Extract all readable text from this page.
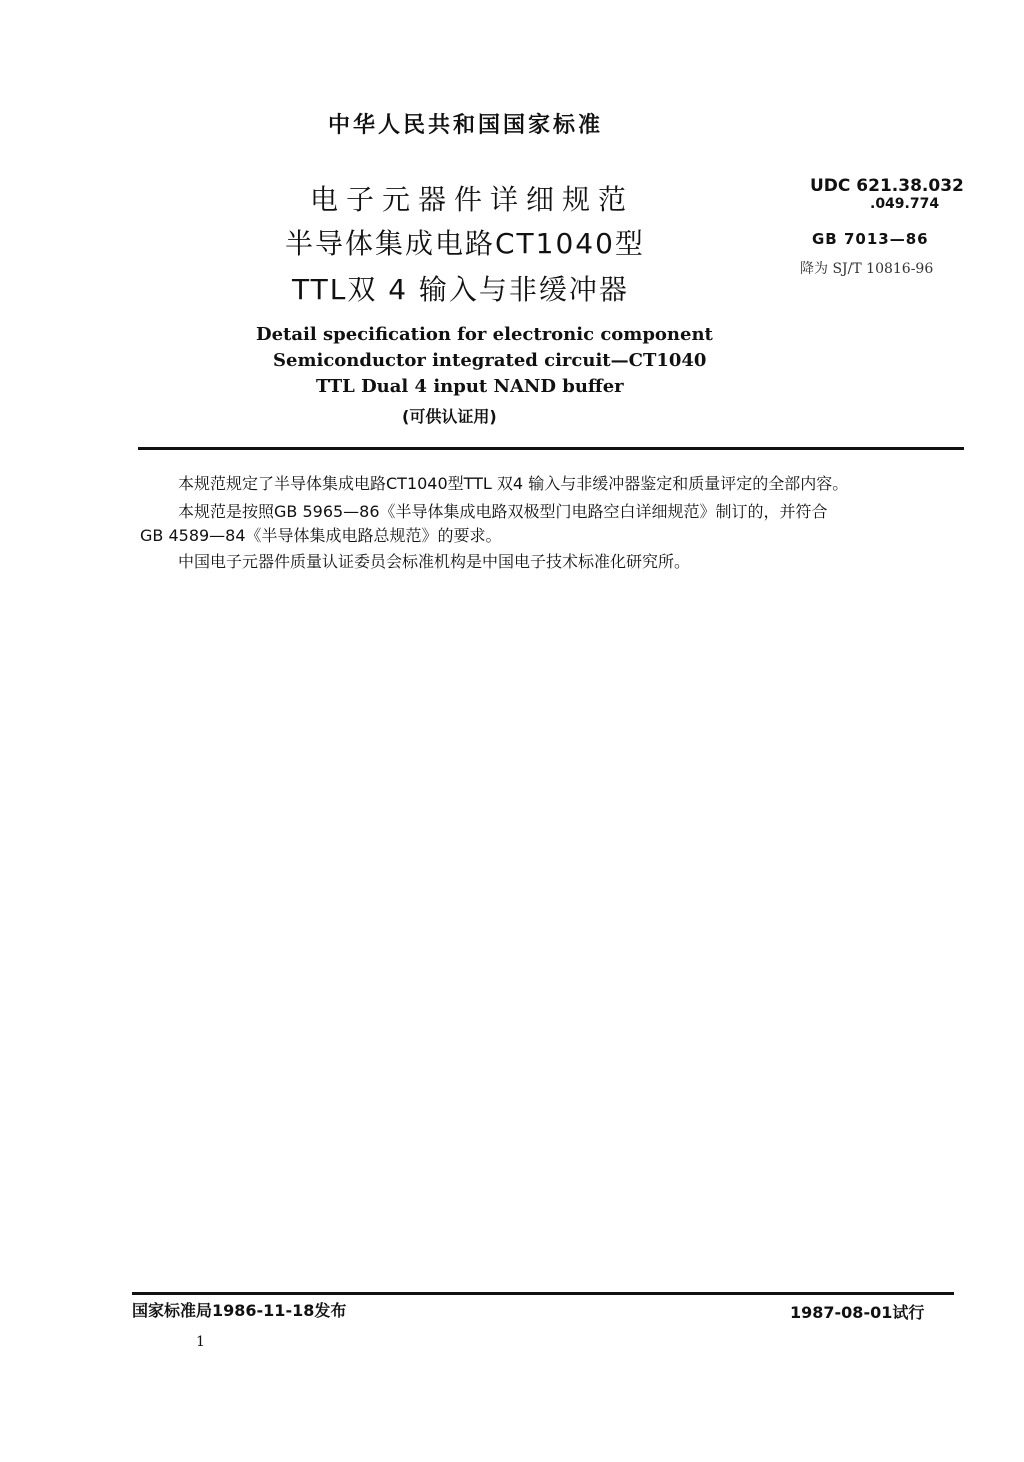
中华人民共和国国家标准

电子元器件详细规范

半导体集成电路CT1040型

TTL双 4 输入与非缓冲器

UDC 621.38.032

.049.774

GB 7013—86

降为 SJ/T 10816-96

Detail specification for electronic component

Semiconductor integrated circuit—CT1040

TTL Dual 4 input NAND buffer

(可供认证用)

本规范规定了半导体集成电路CT1040型TTL 双4 输入与非缓冲器鉴定和质量评定的全部内容。

本规范是按照GB 5965—86《半导体集成电路双极型门电路空白详细规范》制订的，并符合

GB 4589—84《半导体集成电路总规范》的要求。

中国电子元器件质量认证委员会标准机构是中国电子技术标准化研究所。

国家标准局1986-11-18发布	1987-08-01试行

1
